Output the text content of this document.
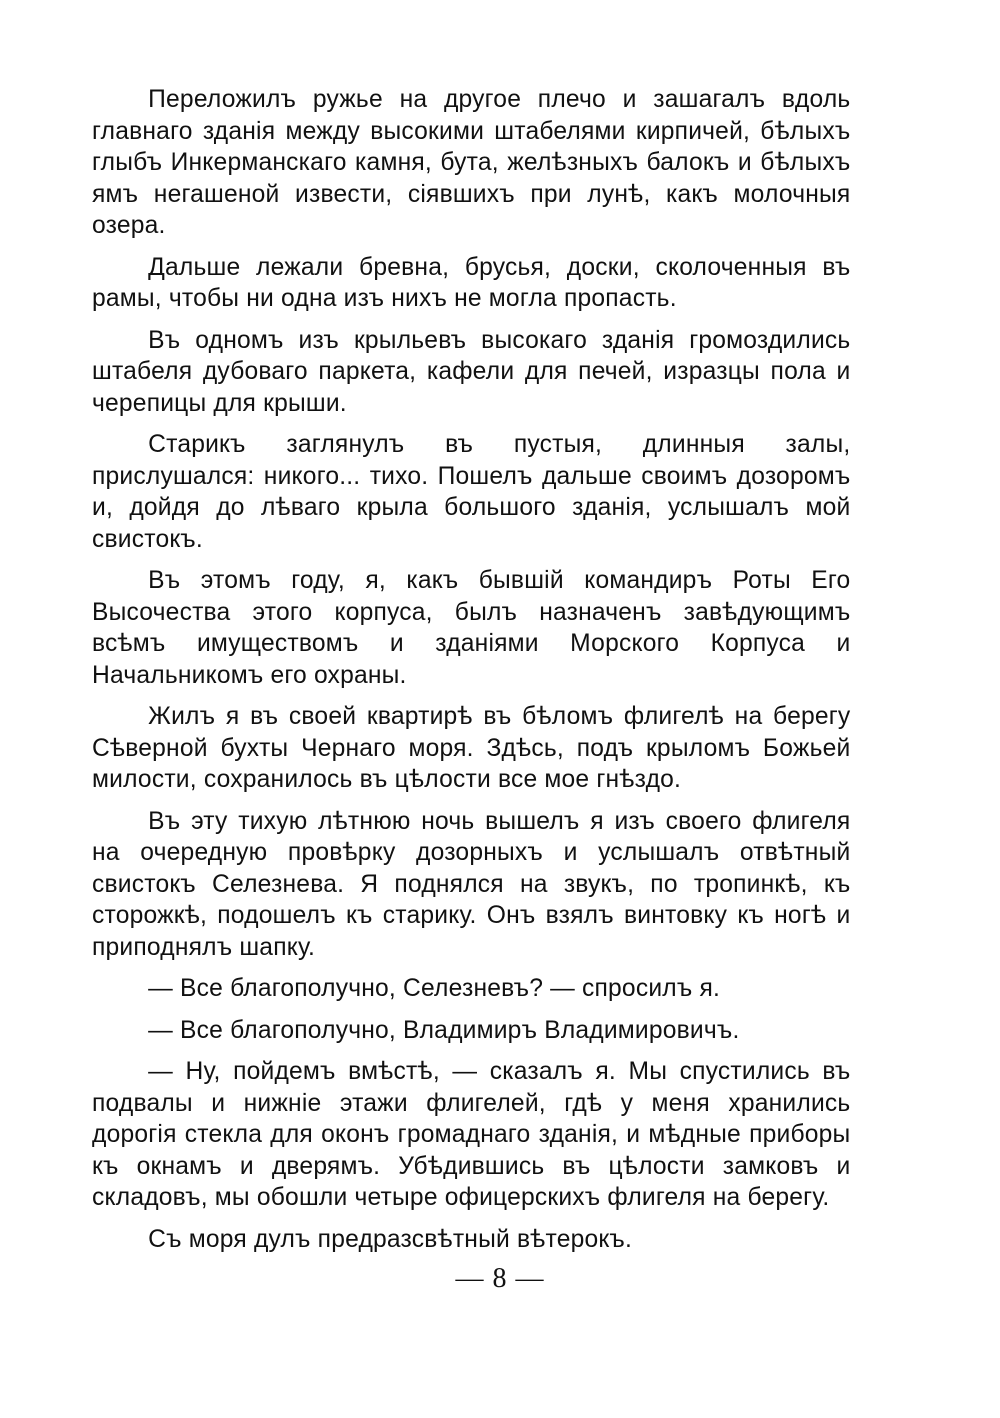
Переложилъ ружье на другое плечо и зашагалъ вдоль главнаго зданія между высокими штабелями кирпичей, бѣлыхъ глыбъ Инкерманскаго камня, бута, желѣзныхъ балокъ и бѣлыхъ ямъ негашеной извести, сіявшихъ при лунѣ, какъ молочныя озера.

Дальше лежали бревна, брусья, доски, сколоченныя въ рамы, чтобы ни одна изъ нихъ не могла пропасть.

Въ одномъ изъ крыльевъ высокаго зданія громоздились штабеля дубоваго паркета, кафели для печей, изразцы пола и черепицы для крыши.

Старикъ заглянулъ въ пустыя, длинныя залы, прислушался: никого... тихо. Пошелъ дальше своимъ дозоромъ и, дойдя до лѣваго крыла большого зданія, услышалъ мой свистокъ.

Въ этомъ году, я, какъ бывшій командиръ Роты Его Высочества этого корпуса, былъ назначенъ завѣдующимъ всѣмъ имуществомъ и зданіями Морского Корпуса и Начальникомъ его охраны.

Жилъ я въ своей квартирѣ въ бѣломъ флигелѣ на берегу Сѣверной бухты Чернаго моря. Здѣсь, подъ крыломъ Божьей милости, сохранилось въ цѣлости все мое гнѣздо.

Въ эту тихую лѣтнюю ночь вышелъ я изъ своего флигеля на очередную провѣрку дозорныхъ и услышалъ отвѣтный свистокъ Селезнева. Я поднялся на звукъ, по тропинкѣ, къ сторожкѣ, подошелъ къ старику. Онъ взялъ винтовку къ ногѣ и приподнялъ шапку.

— Все благополучно, Селезневъ? — спросилъ я.

— Все благополучно, Владимиръ Владимировичъ.

— Ну, пойдемъ вмѣстѣ, — сказалъ я. Мы спустились въ подвалы и нижніе этажи флигелей, гдѣ у меня хранились дорогія стекла для оконъ громаднаго зданія, и мѣдные приборы къ окнамъ и дверямъ. Убѣдившись въ цѣлости замковъ и складовъ, мы обошли четыре офицерскихъ флигеля на берегу.

Съ моря дулъ предразсвѣтный вѣтерокъ.

— 8 —
